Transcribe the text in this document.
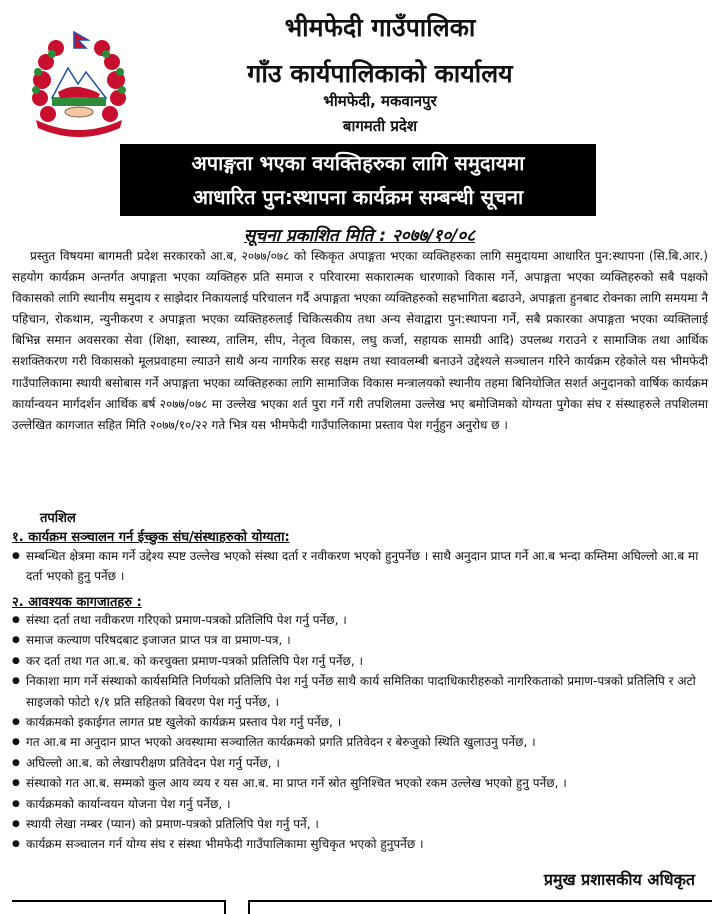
भीमफेदी गाउँपालिका
गाँउ कार्यपालिकाको कार्यालय
भीमफेदी, मकवानपुर
बागमती प्रदेश
अपाङ्गता भएका वयक्तिहरुका लागि समुदायमा
आधारित पुन:स्थापना कार्यक्रम सम्बन्धी सूचना
सूचना प्रकाशित मिति : २०७७/१०/०८

प्रस्तुत विषयमा बागमती प्रदेश सरकारको आ.ब, २०७७/०७८ को स्किकृत अपाङ्गता भएका व्यक्तिहरुका लागि समुदायमा आधारित पुन:स्थापना (सि.बि.आर.) सहयोग कार्यक्रम अन्तर्गत अपाङ्गता भएका व्यक्तिहरु प्रति समाज र परिवारमा सकारात्मक धारणाको विकास गर्ने, अपाङ्गता भएका व्यक्तिहरुको सबै पक्षको विकासको लागि स्थानीय समुदाय र साझेदार निकायलाई परिचालन गर्दै अपाङ्गता भएका व्यक्तिहरुको सहभागिता बढाउने, अपाङ्गता हुनबाट रोक्नका लागि समयमा नै पहिचान, रोकथाम, न्युनीकरण र अपाङ्गता भएका व्यक्तिहरुलाई चिकित्सकीय तथा अन्य सेवाद्वारा पुन:स्थापना गर्ने, सबै प्रकारका अपाङ्गता भएका व्यक्तिलाई बिभिन्न समान अवसरका सेवा (शिक्षा, स्वास्थ्य, तालिम, सीप, नेतृत्व विकास, लघु कर्जा, सहायक सामग्री आदि) उपलब्ध गराउने र सामाजिक तथा आर्थिक सशक्तिकरण गरी विकासको मूलप्रवाहमा ल्याउने साथै अन्य नागरिक सरह सक्षम तथा स्वावलम्बी बनाउने उद्देश्यले सञ्चालन गरिने कार्यक्रम रहेकोले यस भीमफेदी गाउँपालिकामा स्थायी बसोबास गर्ने अपाङ्गता भएका व्यक्तिहरुका लागि सामाजिक विकास मन्त्रालयको स्थानीय तहमा बिनियोजित सशर्त अनुदानको वार्षिक कार्यक्रम कार्यान्वयन मार्गदर्शन आर्थिक बर्ष २०७७/०७८ मा उल्लेख भएका शर्त पुरा गर्ने गरी तपशिलमा उल्लेख भए बमोजिमको योग्यता पुगेका संघ र संस्थाहरुले तपशिलमा उल्लेखित कागजात सहित मिति २०७७/१०/२२ गते भित्र यस भीमफेदी गाउँपालिकामा प्रस्ताव पेश गर्नुहुन अनुरोध छ ।

तपशिल
१. कार्यक्रम सञ्चालन गर्न ईच्छुक संघ/संस्थाहरुको योग्यता:
● सम्बन्धित क्षेत्रमा काम गर्ने उद्देश्य स्पष्ट उल्लेख भएको संस्था दर्ता र नवीकरण भएको हुनुपर्नेछ । साथै अनुदान प्राप्त गर्ने आ.ब भन्दा कम्तिमा अघिल्लो आ.ब मा दर्ता भएको हुनु पर्नेछ ।
२. आवश्यक कागजातहरु :
● संस्था दर्ता तथा नवीकरण गरिएको प्रमाण-पत्रको प्रतिलिपि पेश गर्नु पर्नेछ, ।
● समाज कल्याण परिषदबाट इजाजत प्राप्त पत्र वा प्रमाण-पत्र, ।
● कर दर्ता तथा गत आ.ब. को करचुक्ता प्रमाण-पत्रको प्रतिलिपि पेश गर्नु पर्नेछ, ।
● निकाशा माग गर्ने संस्थाको कार्यसमिति निर्णयको प्रतिलिपि पेश गर्नु पर्नेछ साथै कार्य समितिका पादाधिकारीहरुको नागरिकताको प्रमाण-पत्रको प्रतिलिपि र अटो साइजको फोटो १/१ प्रति सहितको बिवरण पेश गर्नु पर्नेछ, ।
● कार्यक्रमको इकाईगत लागत प्रष्ट खुलेको कार्यक्रम प्रस्ताव पेश गर्नु पर्नेछ, ।
● गत आ.ब मा अनुदान प्राप्त भएको अवस्थामा सञ्चालित कार्यक्रमको प्रगति प्रतिवेदन र बेरुजुको स्थिति खुलाउनु पर्नेछ, ।
● अघिल्लो आ.ब. को लेखापरीक्षण प्रतिवेदन पेश गर्नु पर्नेछ, ।
● संस्थाको गत आ.ब. सम्मको कुल आय व्यय र यस आ.ब. मा प्राप्त गर्ने स्रोत सुनिश्चित भएको रकम उल्लेख भएको हुनु पर्नेछ, ।
● कार्यक्रमको कार्यान्वयन योजना पेश गर्नु पर्नेछ, ।
● स्थायी लेखा नम्बर (प्यान) को प्रमाण-पत्रको प्रतिलिपि पेश गर्नु पर्ने, ।
● कार्यक्रम सञ्चालन गर्न योग्य संघ र संस्था भीमफेदी गाउँपालिकामा सुचिकृत भएको हुनुपर्नेछ ।
प्रमुख प्रशासकीय अधिकृत
